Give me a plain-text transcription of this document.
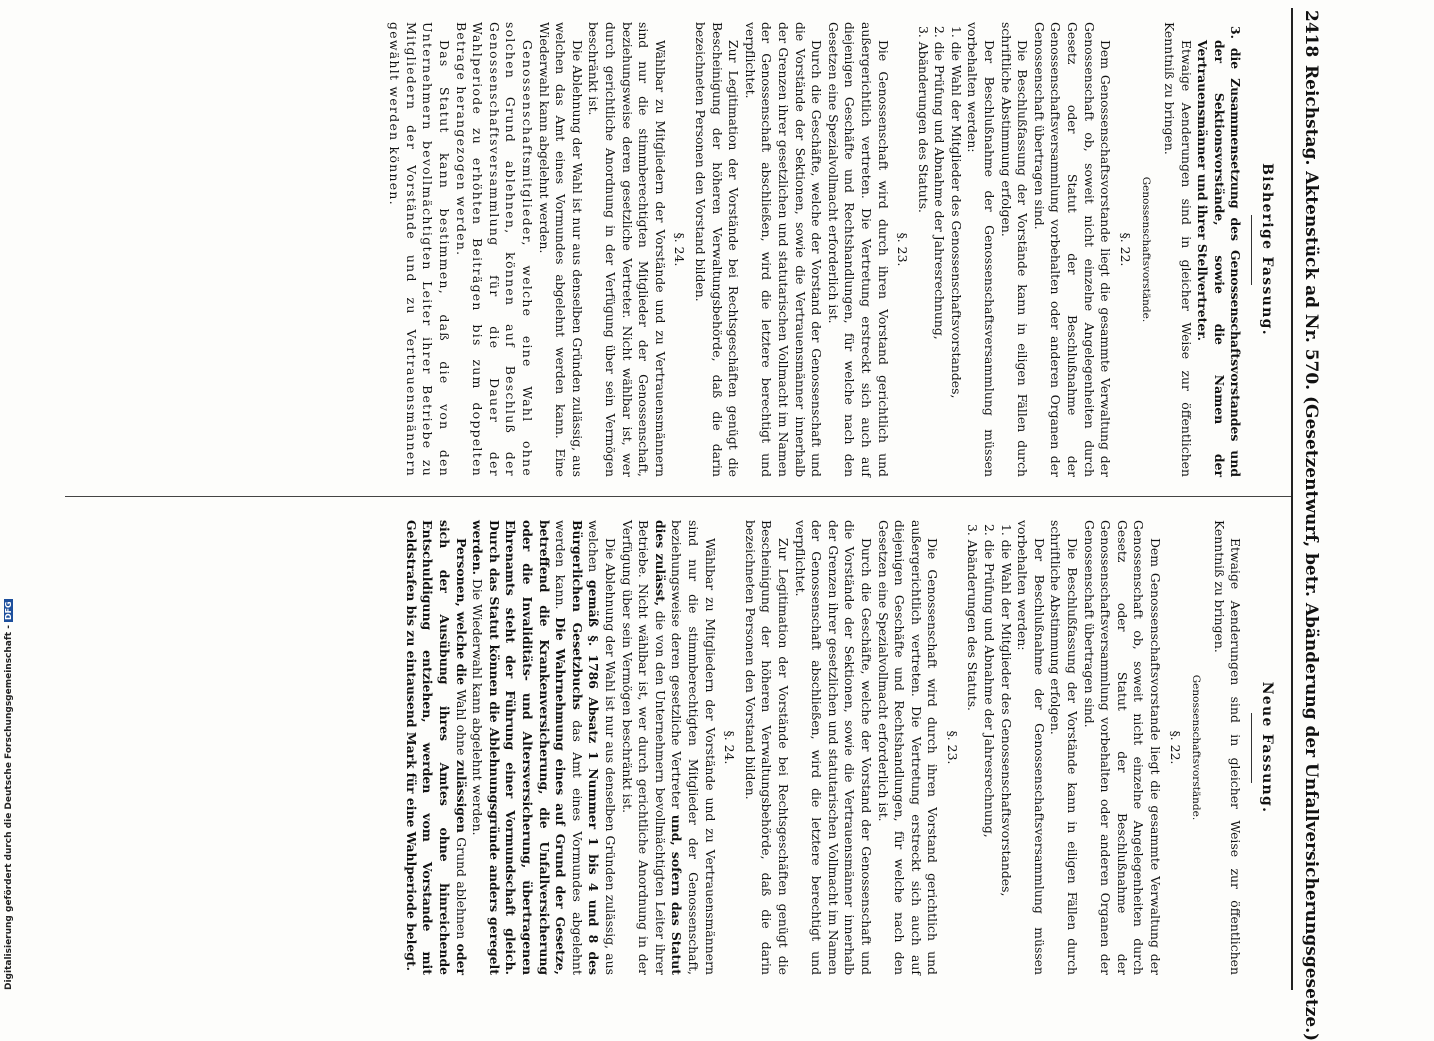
2418
Reichstag. Aktenstück ad Nr. 570. (Gesetzentwurf, betr. Abänderung der Unfallversicherungsgesetze.)
Bisherige Fassung.

3. die Zusammensetzung des Genossenschaftsvorstandes und der Sektionsvorstände, sowie die Namen der Vertrauensmänner und ihrer Stellvertreter.

Etwaige Aenderungen sind in gleicher Weise zur öffentlichen Kenntniß zu bringen.

Genossenschaftsvorstände.
§. 22.

Dem Genossenschaftsvorstande liegt die gesammte Verwaltung der Genossenschaft ob, soweit nicht einzelne Angelegenheiten durch Gesetz oder Statut der Beschlußnahme der Genossenschaftsversammlung vorbehalten oder anderen Organen der Genossenschaft übertragen sind.

Die Beschlußfassung der Vorstände kann in eiligen Fällen durch schriftliche Abstimmung erfolgen.

Der Beschlußnahme der Genossenschaftsversammlung müssen vorbehalten werden:

1. die Wahl der Mitglieder des Genossenschaftsvorstandes,

2. die Prüfung und Abnahme der Jahresrechnung,

3. Abänderungen des Statuts.

§. 23.

Die Genossenschaft wird durch ihren Vorstand gerichtlich und außergerichtlich vertreten. Die Vertretung erstreckt sich auch auf diejenigen Geschäfte und Rechtshandlungen, für welche nach den Gesetzen eine Spezialvollmacht erforderlich ist.

Durch die Geschäfte, welche der Vorstand der Genossenschaft und die Vorstände der Sektionen, sowie die Vertrauensmänner innerhalb der Grenzen ihrer gesetzlichen und statutarischen Vollmacht im Namen der Genossenschaft abschließen, wird die letztere berechtigt und verpflichtet.

Zur Legitimation der Vorstände bei Rechtsgeschäften genügt die Bescheinigung der höheren Verwaltungsbehörde, daß die darin bezeichneten Personen den Vorstand bilden.

§. 24.

Wählbar zu Mitgliedern der Vorstände und zu Vertrauensmännern sind nur die stimmberechtigten Mitglieder der Genossenschaft, beziehungsweise deren gesetzliche Vertreter. Nicht wählbar ist, wer durch gerichtliche Anordnung in der Verfügung über sein Vermögen beschränkt ist.

Die Ablehnung der Wahl ist nur aus denselben Gründen zulässig, aus welchen das Amt eines Vormundes abgelehnt werden kann. Eine Wiederwahl kann abgelehnt werden.

Genossenschaftsmitglieder, welche eine Wahl ohne solchen Grund ablehnen, können auf Beschluß der Genossenschaftsversammlung für die Dauer der Wahlperiode zu erhöhten Beiträgen bis zum doppelten Betrage herangezogen werden.

Das Statut kann bestimmen, daß die von den Unternehmern bevollmächtigten Leiter ihrer Betriebe zu Mitgliedern der Vorstände und zu Vertrauensmännern gewählt werden können.

Neue Fassung.

Etwaige Aenderungen sind in gleicher Weise zur öffentlichen Kenntniß zu bringen.

Genossenschaftsvorstände.
§. 22.

Dem Genossenschaftsvorstande liegt die gesammte Verwaltung der Genossenschaft ob, soweit nicht einzelne Angelegenheiten durch Gesetz oder Statut der Beschlußnahme der Genossenschaftsversammlung vorbehalten oder anderen Organen der Genossenschaft übertragen sind.

Die Beschlußfassung der Vorstände kann in eiligen Fällen durch schriftliche Abstimmung erfolgen.

Der Beschlußnahme der Genossenschaftsversammlung müssen vorbehalten werden:

1. die Wahl der Mitglieder des Genossenschaftsvorstandes,

2. die Prüfung und Abnahme der Jahresrechnung,

3. Abänderungen des Statuts.

§. 23.

Die Genossenschaft wird durch ihren Vorstand gerichtlich und außergerichtlich vertreten. Die Vertretung erstreckt sich auch auf diejenigen Geschäfte und Rechtshandlungen, für welche nach den Gesetzen eine Spezialvollmacht erforderlich ist.

Durch die Geschäfte, welche der Vorstand der Genossenschaft und die Vorstände der Sektionen, sowie die Vertrauensmänner innerhalb der Grenzen ihrer gesetzlichen und statutarischen Vollmacht im Namen der Genossenschaft abschließen, wird die letztere berechtigt und verpflichtet.

Zur Legitimation der Vorstände bei Rechtsgeschäften genügt die Bescheinigung der höheren Verwaltungsbehörde, daß die darin bezeichneten Personen den Vorstand bilden.

§. 24.

Wählbar zu Mitgliedern der Vorstände und zu Vertrauensmännern sind nur die stimmberechtigten Mitglieder der Genossenschaft, beziehungsweise deren gesetzliche Vertreter und, sofern das Statut dies zulässt, die von den Unternehmern bevollmächtigten Leiter ihrer Betriebe. Nicht wählbar ist, wer durch gerichtliche Anordnung in der Verfügung über sein Vermögen beschränkt ist.

Die Ablehnung der Wahl ist nur aus denselben Gründen zulässig, aus welchen gemäß §. 1786 Absatz 1 Nummer 1 bis 4 und 8 des Bürgerlichen Gesetzbuchs das Amt eines Vormundes abgelehnt werden kann. Die Wahrnehmung eines auf Grund der Gesetze, betreffend die Krankenversicherung, die Unfallversicherung oder die Invaliditäts- und Altersversicherung, übertragenen Ehrenamts steht der Führung einer Vormundschaft gleich. Durch das Statut können die Ablehnungsgründe anders geregelt werden. Die Wiederwahl kann abgelehnt werden.

Personen, welche die Wahl ohne zulässigen Grund ablehnen oder sich der Ausübung ihres Amtes ohne hinreichende Entschuldigung entziehen, werden vom Vorstande mit Geldstrafen bis zu eintausend Mark für eine Wahlperiode belegt.

Digitalisierung gefördert durch die Deutsche Forschungsgemeinschaft -DFG
